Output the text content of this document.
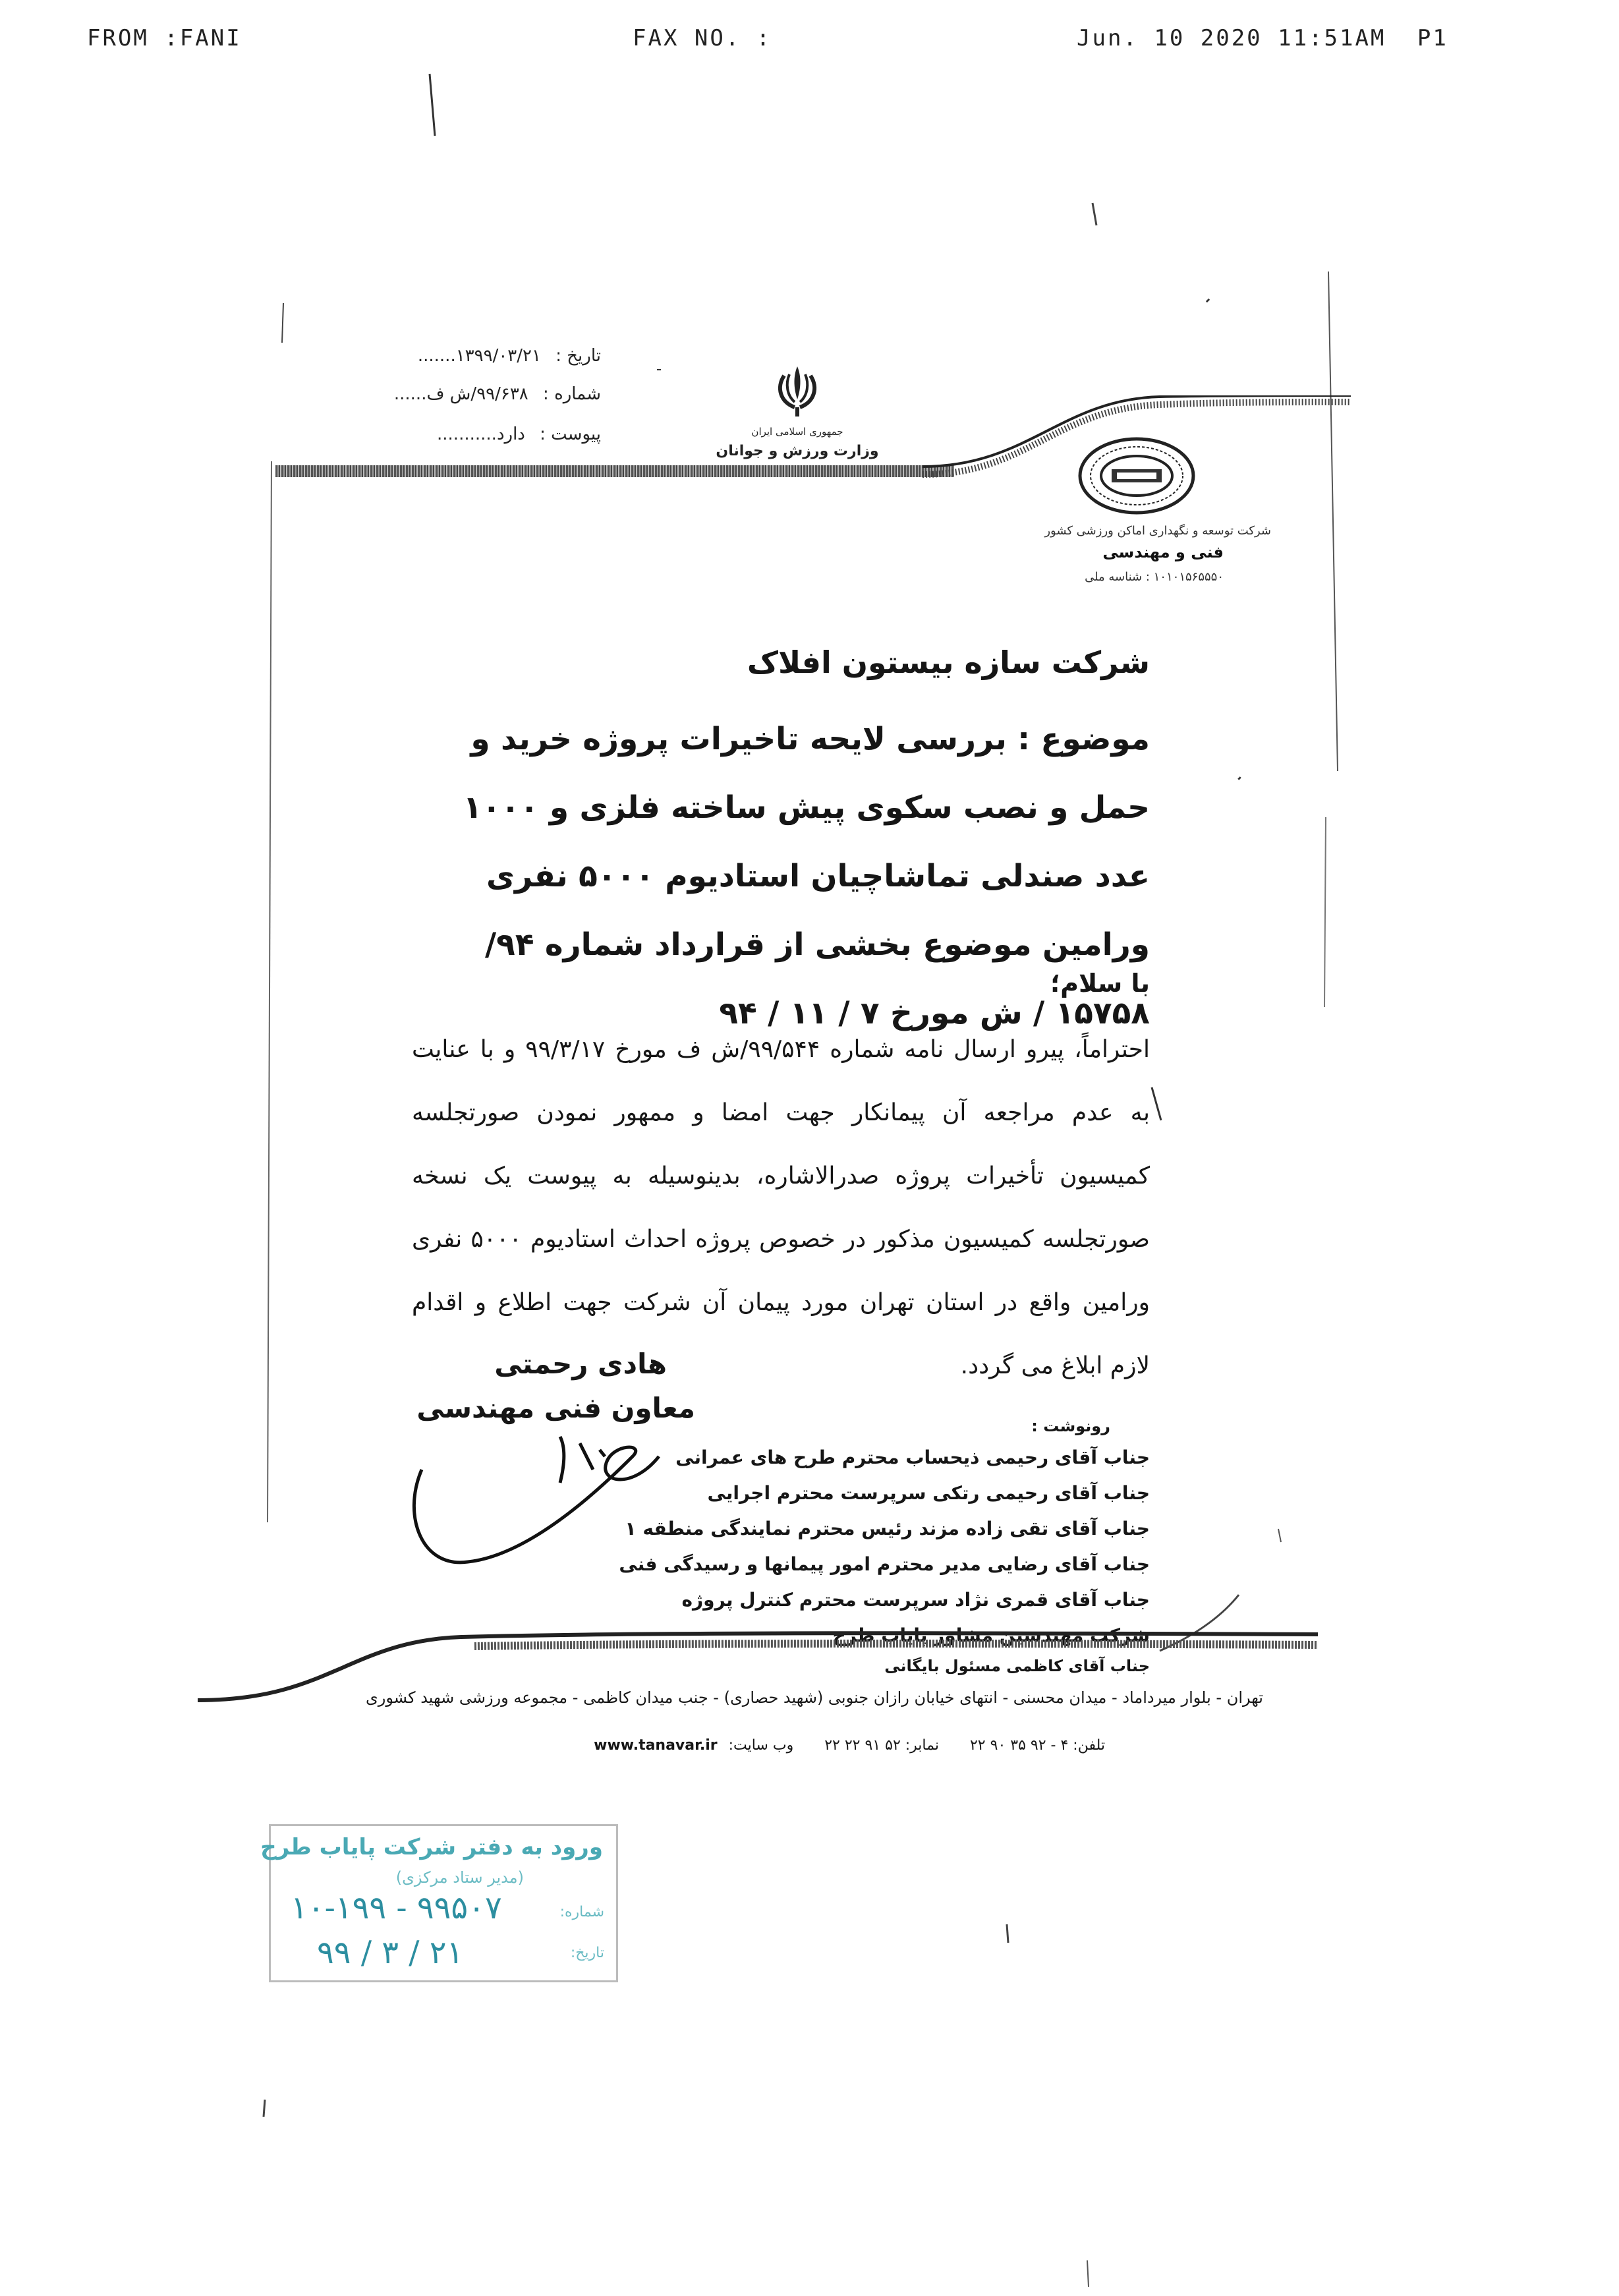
FROM :FANI	FAX NO. :	Jun. 10 2020 11:51AM P1
تاریخ : ۱۳۹۹/۰۳/۲۱.......
شماره : ۹۹/۶۳۸/ش ف......
پیوست : دارد...........	جمهوری اسلامی ایران
وزارت ورزش و جوانان
شرکت توسعه و نگهداری اماکن ورزشی کشور
فنی و مهندسی
۱۰۱۰۱۵۶۵۵۵۰ : شناسه ملی
شرکت سازه بیستون افلاک
موضوع : بررسی لایحه تاخیرات پروژه خرید و حمل و نصب سکوی پیش ساخته فلزی و ۱۰۰۰ عدد صندلی تماشاچیان استادیوم ۵۰۰۰ نفری ورامین موضوع بخشی از قرارداد شماره ۹۴/ ۱۵۷۵۸ / ش مورخ ۷ / ۱۱ / ۹۴
با سلام؛
احتراماً، پیرو ارسال نامه شماره ۹۹/۵۴۴/ش ف مورخ ۹۹/۳/۱۷ و با عنایت به عدم مراجعه آن پیمانکار جهت امضا و ممهور نمودن صورتجلسه کمیسیون تأخیرات پروژه صدرالاشاره، بدینوسیله به پیوست یک نسخه صورتجلسه کمیسیون مذکور در خصوص پروژه احداث استادیوم ۵۰۰۰ نفری ورامین واقع در استان تهران مورد پیمان آن شرکت جهت اطلاع و اقدام لازم ابلاغ می گردد.
هادی رحمتی
معاون فنی مهندسی
رونوشت :
جناب آقای رحیمی ذیحساب محترم طرح های عمرانی
جناب آقای رحیمی رتکی سرپرست محترم اجرایی
جناب آقای تقی زاده مزند رئیس محترم نمایندگی منطقه ۱
جناب آقای رضایی مدیر محترم امور پیمانها و رسیدگی فنی
جناب آقای قمری نژاد سرپرست محترم کنترل پروژه
شرکت مهندسین مشاور پایاب طرح
جناب آقای کاظمی مسئول بایگانی
تهران - بلوار میرداماد - میدان محسنی - انتهای خیابان رازان جنوبی (شهید حصاری) - جنب میدان کاظمی - مجموعه ورزشی شهید کشوری
تلفن: ۴ - ۹۲ ۳۵ ۹۰ ۲۲ نمابر: ۵۲ ۹۱ ۲۲ ۲۲ وب سایت: www.tanavar.ir
ورود به دفتر شرکت پایاب طرح
(مدیر ستاد مرکزی)
شماره:
۱۰-۱۹۹ - ۹۹۵۰۷
تاریخ:
۹۹ / ۳ / ۲۱
